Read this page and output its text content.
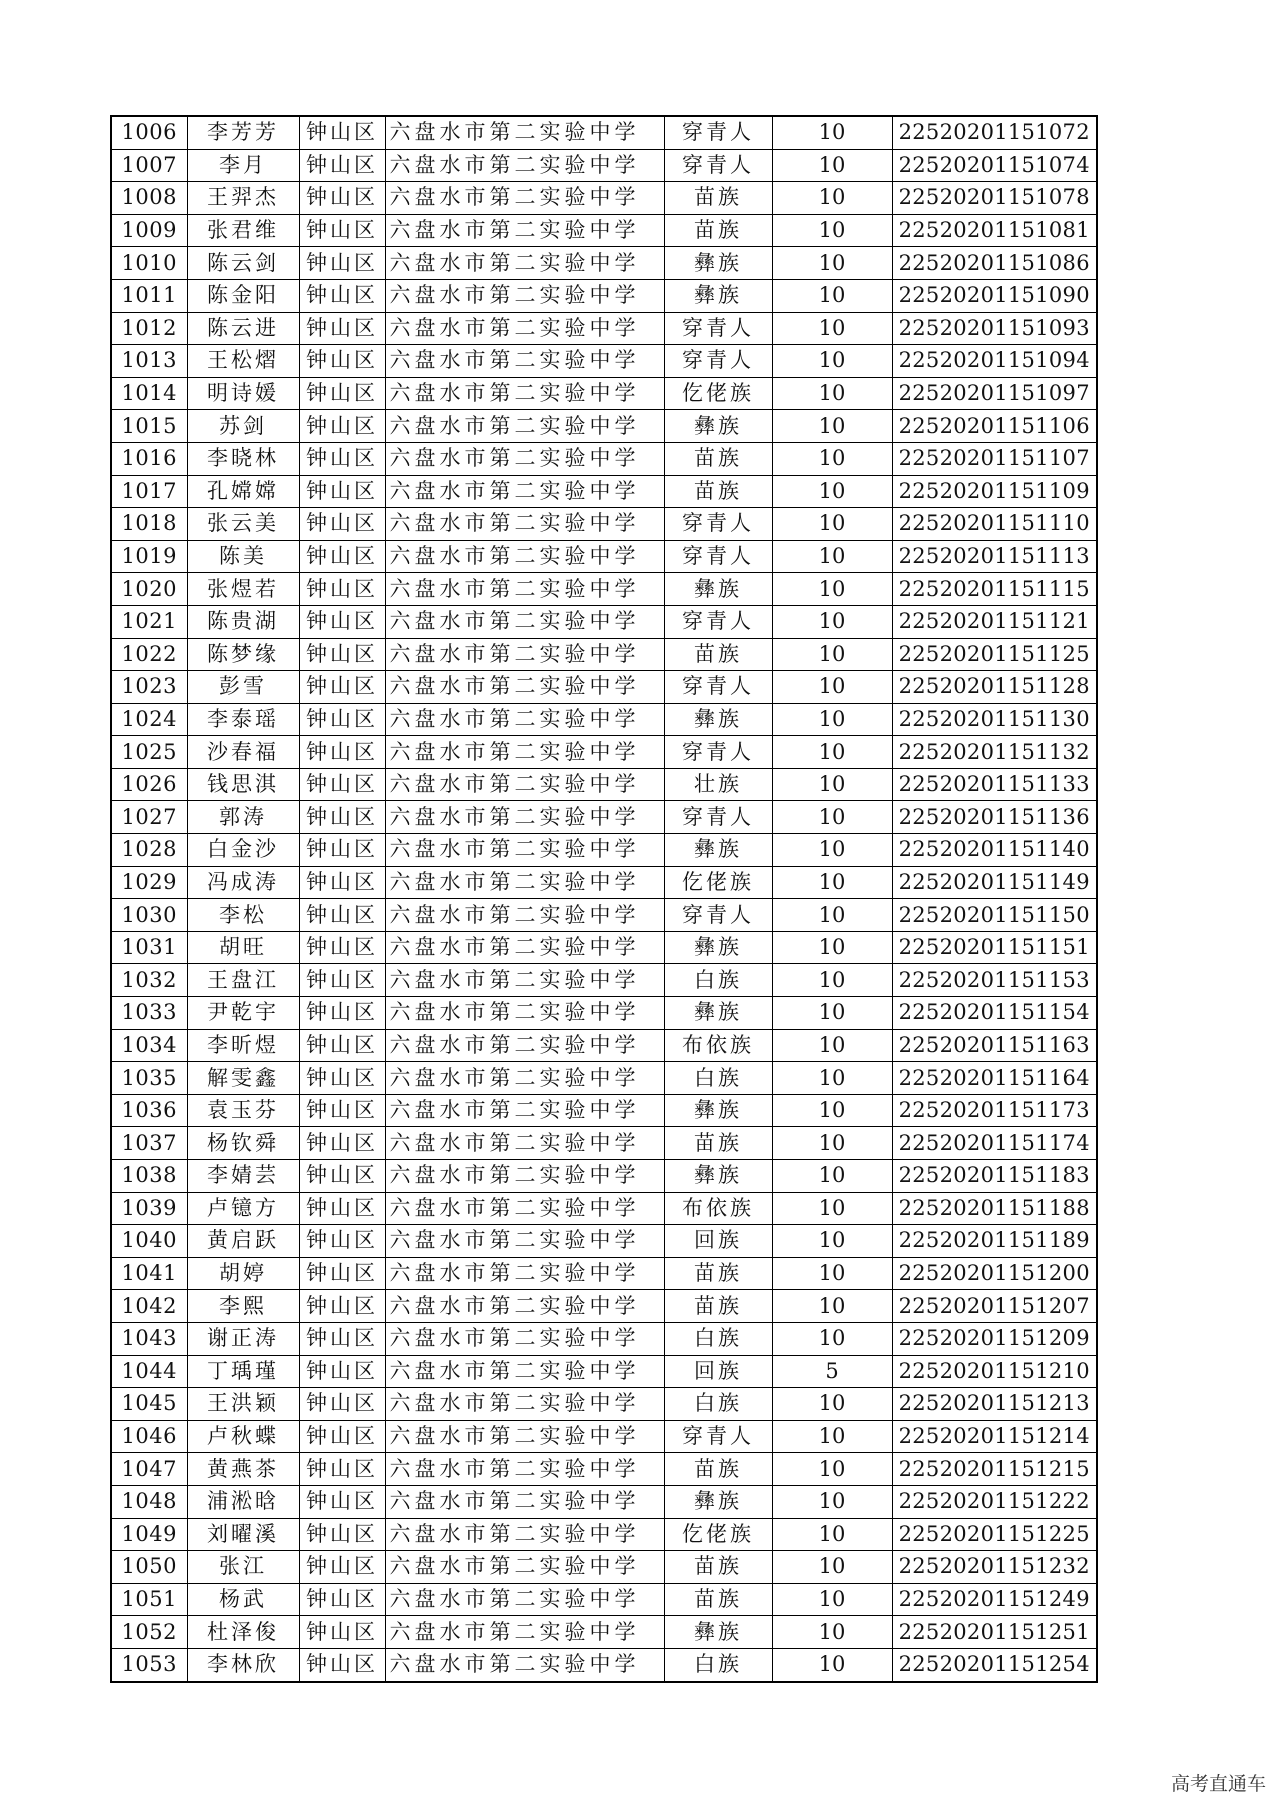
1006	李芳芳	钟山区	六盘水市第二实验中学	穿青人	10	22520201151072
1007	李月	钟山区	六盘水市第二实验中学	穿青人	10	22520201151074
1008	王羿杰	钟山区	六盘水市第二实验中学	苗族	10	22520201151078
1009	张君维	钟山区	六盘水市第二实验中学	苗族	10	22520201151081
1010	陈云剑	钟山区	六盘水市第二实验中学	彝族	10	22520201151086
1011	陈金阳	钟山区	六盘水市第二实验中学	彝族	10	22520201151090
1012	陈云进	钟山区	六盘水市第二实验中学	穿青人	10	22520201151093
1013	王松熠	钟山区	六盘水市第二实验中学	穿青人	10	22520201151094
1014	明诗媛	钟山区	六盘水市第二实验中学	仡佬族	10	22520201151097
1015	苏剑	钟山区	六盘水市第二实验中学	彝族	10	22520201151106
1016	李晓林	钟山区	六盘水市第二实验中学	苗族	10	22520201151107
1017	孔嫦嫦	钟山区	六盘水市第二实验中学	苗族	10	22520201151109
1018	张云美	钟山区	六盘水市第二实验中学	穿青人	10	22520201151110
1019	陈美	钟山区	六盘水市第二实验中学	穿青人	10	22520201151113
1020	张煜若	钟山区	六盘水市第二实验中学	彝族	10	22520201151115
1021	陈贵湖	钟山区	六盘水市第二实验中学	穿青人	10	22520201151121
1022	陈梦缘	钟山区	六盘水市第二实验中学	苗族	10	22520201151125
1023	彭雪	钟山区	六盘水市第二实验中学	穿青人	10	22520201151128
1024	李泰瑶	钟山区	六盘水市第二实验中学	彝族	10	22520201151130
1025	沙春福	钟山区	六盘水市第二实验中学	穿青人	10	22520201151132
1026	钱思淇	钟山区	六盘水市第二实验中学	壮族	10	22520201151133
1027	郭涛	钟山区	六盘水市第二实验中学	穿青人	10	22520201151136
1028	白金沙	钟山区	六盘水市第二实验中学	彝族	10	22520201151140
1029	冯成涛	钟山区	六盘水市第二实验中学	仡佬族	10	22520201151149
1030	李松	钟山区	六盘水市第二实验中学	穿青人	10	22520201151150
1031	胡旺	钟山区	六盘水市第二实验中学	彝族	10	22520201151151
1032	王盘江	钟山区	六盘水市第二实验中学	白族	10	22520201151153
1033	尹乾宇	钟山区	六盘水市第二实验中学	彝族	10	22520201151154
1034	李昕煜	钟山区	六盘水市第二实验中学	布依族	10	22520201151163
1035	解雯鑫	钟山区	六盘水市第二实验中学	白族	10	22520201151164
1036	袁玉芬	钟山区	六盘水市第二实验中学	彝族	10	22520201151173
1037	杨钦舜	钟山区	六盘水市第二实验中学	苗族	10	22520201151174
1038	李婧芸	钟山区	六盘水市第二实验中学	彝族	10	22520201151183
1039	卢镱方	钟山区	六盘水市第二实验中学	布依族	10	22520201151188
1040	黄启跃	钟山区	六盘水市第二实验中学	回族	10	22520201151189
1041	胡婷	钟山区	六盘水市第二实验中学	苗族	10	22520201151200
1042	李熙	钟山区	六盘水市第二实验中学	苗族	10	22520201151207
1043	谢正涛	钟山区	六盘水市第二实验中学	白族	10	22520201151209
1044	丁瑀瑾	钟山区	六盘水市第二实验中学	回族	5	22520201151210
1045	王洪颖	钟山区	六盘水市第二实验中学	白族	10	22520201151213
1046	卢秋蝶	钟山区	六盘水市第二实验中学	穿青人	10	22520201151214
1047	黄燕茶	钟山区	六盘水市第二实验中学	苗族	10	22520201151215
1048	浦淞晗	钟山区	六盘水市第二实验中学	彝族	10	22520201151222
1049	刘曜溪	钟山区	六盘水市第二实验中学	仡佬族	10	22520201151225
1050	张江	钟山区	六盘水市第二实验中学	苗族	10	22520201151232
1051	杨武	钟山区	六盘水市第二实验中学	苗族	10	22520201151249
1052	杜泽俊	钟山区	六盘水市第二实验中学	彝族	10	22520201151251
1053	李林欣	钟山区	六盘水市第二实验中学	白族	10	22520201151254
高考直通车
